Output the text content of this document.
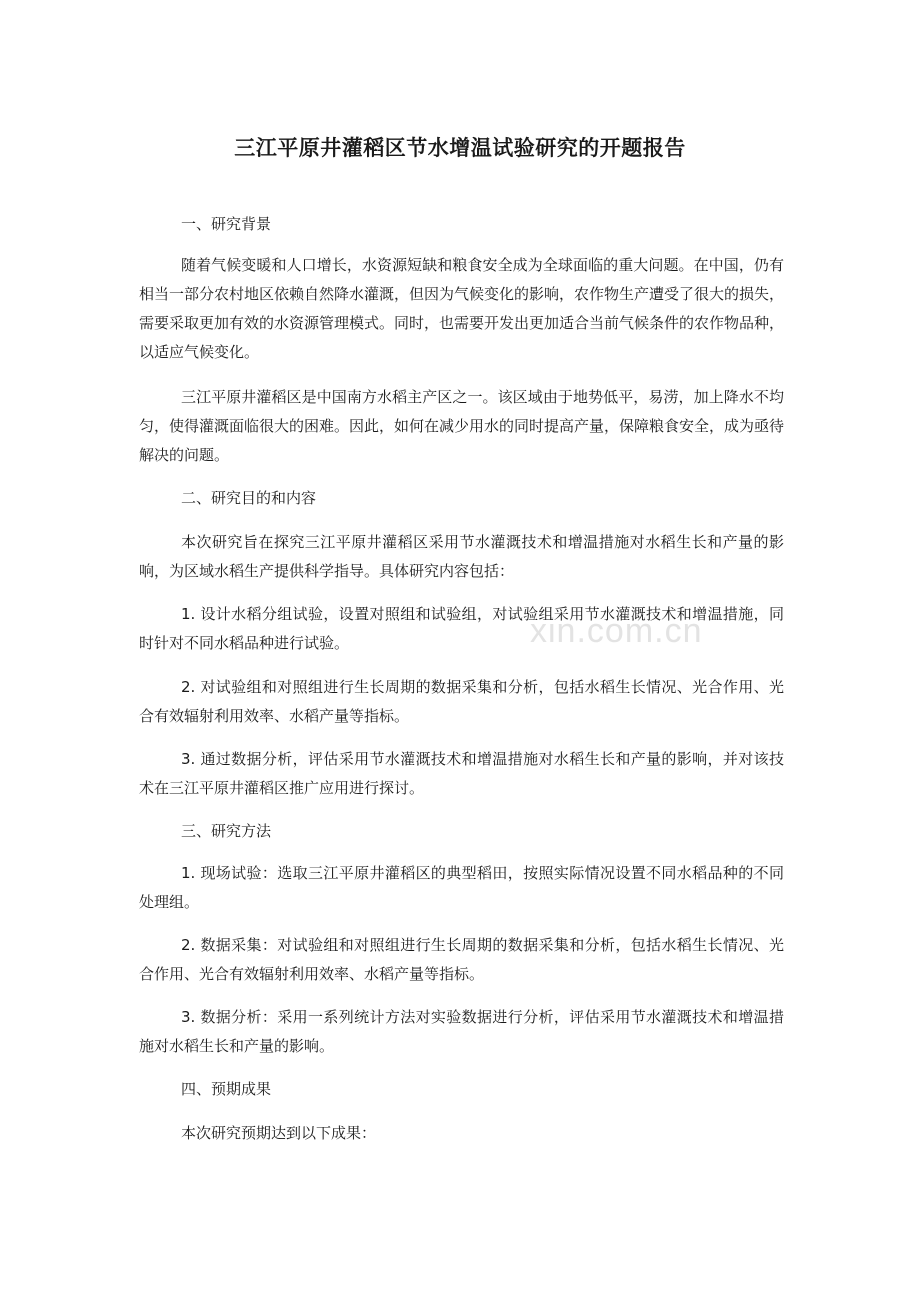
xin.com.cn
三江平原井灌稻区节水增温试验研究的开题报告
一、研究背景
随着气候变暖和人口增长，水资源短缺和粮食安全成为全球面临的重大问题。在中国，仍有相当一部分农村地区依赖自然降水灌溉，但因为气候变化的影响，农作物生产遭受了很大的损失，需要采取更加有效的水资源管理模式。同时，也需要开发出更加适合当前气候条件的农作物品种，以适应气候变化。
三江平原井灌稻区是中国南方水稻主产区之一。该区域由于地势低平，易涝，加上降水不均匀，使得灌溉面临很大的困难。因此，如何在减少用水的同时提高产量，保障粮食安全，成为亟待解决的问题。
二、研究目的和内容
本次研究旨在探究三江平原井灌稻区采用节水灌溉技术和增温措施对水稻生长和产量的影响，为区域水稻生产提供科学指导。具体研究内容包括：
1. 设计水稻分组试验，设置对照组和试验组，对试验组采用节水灌溉技术和增温措施，同时针对不同水稻品种进行试验。
2. 对试验组和对照组进行生长周期的数据采集和分析，包括水稻生长情况、光合作用、光合有效辐射利用效率、水稻产量等指标。
3. 通过数据分析，评估采用节水灌溉技术和增温措施对水稻生长和产量的影响，并对该技术在三江平原井灌稻区推广应用进行探讨。
三、研究方法
1. 现场试验：选取三江平原井灌稻区的典型稻田，按照实际情况设置不同水稻品种的不同处理组。
2. 数据采集：对试验组和对照组进行生长周期的数据采集和分析，包括水稻生长情况、光合作用、光合有效辐射利用效率、水稻产量等指标。
3. 数据分析：采用一系列统计方法对实验数据进行分析，评估采用节水灌溉技术和增温措施对水稻生长和产量的影响。
四、预期成果
本次研究预期达到以下成果：
